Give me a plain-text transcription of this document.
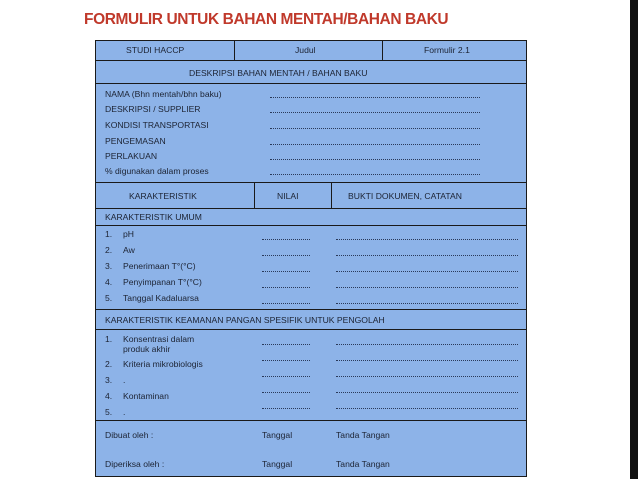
FORMULIR UNTUK BAHAN MENTAH/BAHAN BAKU
STUDI HACCP	Judul	Formulir 2.1
DESKRIPSI BAHAN MENTAH / BAHAN BAKU
NAMA (Bhn mentah/bhn baku)
DESKRIPSI / SUPPLIER
KONDISI TRANSPORTASI
PENGEMASAN
PERLAKUAN
% digunakan dalam proses
KARAKTERISTIK	NILAI	BUKTI DOKUMEN, CATATAN
KARAKTERISTIK UMUM
1. pH
2. Aw
3. Penerimaan T°(°C)
4. Penyimpanan T°(°C)
5. Tanggal Kadaluarsa
KARAKTERISTIK KEAMANAN PANGAN SPESIFIK UNTUK PENGOLAH
1. Konsentrasi dalam
produk akhir
2. Kriteria mikrobiologis
3. .
4. Kontaminan
5. .
Dibuat oleh :	Tanggal	Tanda Tangan
Diperiksa oleh :	Tanggal	Tanda Tangan
